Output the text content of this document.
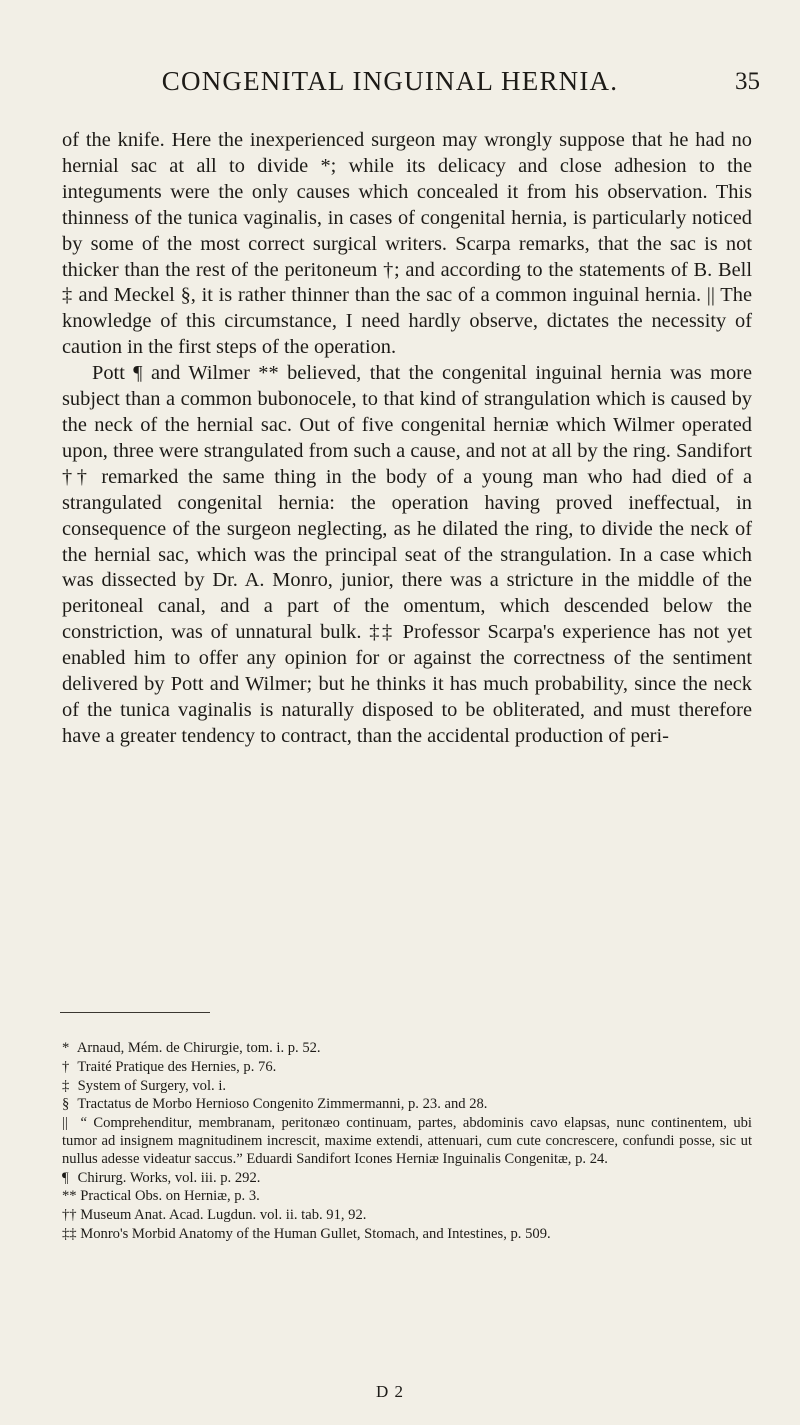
CONGENITAL INGUINAL HERNIA.	35

of the knife. Here the inexperienced surgeon may wrongly suppose that he had no hernial sac at all to divide *; while its delicacy and close adhesion to the integuments were the only causes which concealed it from his observation. This thinness of the tunica vaginalis, in cases of congenital hernia, is particularly noticed by some of the most correct surgical writers. Scarpa remarks, that the sac is not thicker than the rest of the peritoneum †; and according to the statements of B. Bell ‡ and Meckel §, it is rather thinner than the sac of a common inguinal hernia. || The knowledge of this circumstance, I need hardly observe, dictates the necessity of caution in the first steps of the operation.

Pott ¶ and Wilmer ** believed, that the congenital inguinal hernia was more subject than a common bubonocele, to that kind of strangulation which is caused by the neck of the hernial sac. Out of five congenital herniæ which Wilmer operated upon, three were strangulated from such a cause, and not at all by the ring. Sandifort †† remarked the same thing in the body of a young man who had died of a strangulated congenital hernia: the operation having proved ineffectual, in consequence of the surgeon neglecting, as he dilated the ring, to divide the neck of the hernial sac, which was the principal seat of the strangulation. In a case which was dissected by Dr. A. Monro, junior, there was a stricture in the middle of the peritoneal canal, and a part of the omentum, which descended below the constriction, was of unnatural bulk. ‡‡ Professor Scarpa's experience has not yet enabled him to offer any opinion for or against the correctness of the sentiment delivered by Pott and Wilmer; but he thinks it has much probability, since the neck of the tunica vaginalis is naturally disposed to be obliterated, and must therefore have a greater tendency to contract, than the accidental production of peri-

* Arnaud, Mém. de Chirurgie, tom. i. p. 52.

† Traité Pratique des Hernies, p. 76.

‡ System of Surgery, vol. i.

§ Tractatus de Morbo Hernioso Congenito Zimmermanni, p. 23. and 28.

|| “ Comprehenditur, membranam, peritonæo continuam, partes, abdominis cavo elapsas, nunc continentem, ubi tumor ad insignem magnitudinem increscit, maxime extendi, attenuari, cum cute concrescere, confundi posse, sic ut nullus adesse videatur saccus.” Eduardi Sandifort Icones Herniæ Inguinalis Congenitæ, p. 24.

¶ Chirurg. Works, vol. iii. p. 292.

** Practical Obs. on Herniæ, p. 3.

†† Museum Anat. Acad. Lugdun. vol. ii. tab. 91, 92.

‡‡ Monro's Morbid Anatomy of the Human Gullet, Stomach, and Intestines, p. 509.

D 2
